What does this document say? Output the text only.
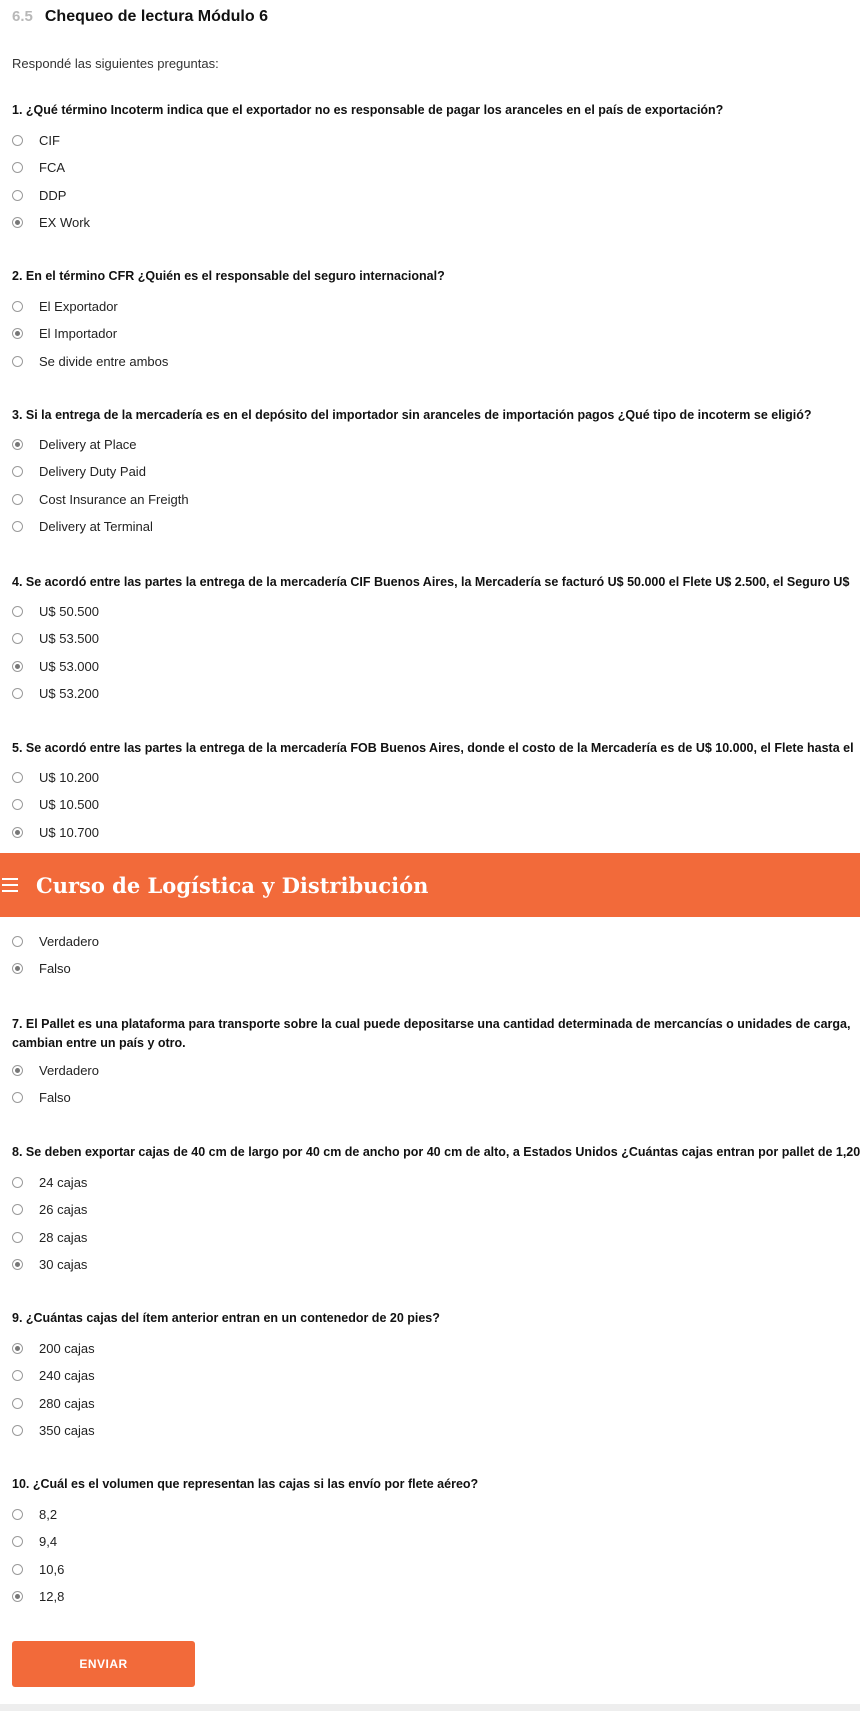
6.5 Chequeo de lectura Módulo 6
Respondé las siguientes preguntas:
1. ¿Qué término Incoterm indica que el exportador no es responsable de pagar los aranceles en el país de exportación?
CIF
FCA
DDP
EX Work
2. En el término CFR ¿Quién es el responsable del seguro internacional?
El Exportador
El Importador
Se divide entre ambos
3. Si la entrega de la mercadería es en el depósito del importador sin aranceles de importación pagos ¿Qué tipo de incoterm se eligió?
Delivery at Place
Delivery Duty Paid
Cost Insurance an Freigth
Delivery at Terminal
4. Se acordó entre las partes la entrega de la mercadería CIF Buenos Aires, la Mercadería se facturó U$ 50.000 el Flete U$ 2.500, el Seguro U$
U$ 50.500
U$ 53.500
U$ 53.000
U$ 53.200
5. Se acordó entre las partes la entrega de la mercadería FOB Buenos Aires, donde el costo de la Mercadería es de U$ 10.000, el Flete hasta el
U$ 10.200
U$ 10.500
U$ 10.700
Verdadero
Falso
7. El Pallet es una plataforma para transporte sobre la cual puede depositarse una cantidad determinada de mercancías o unidades de carga,
cambian entre un país y otro.
Verdadero
Falso
8. Se deben exportar cajas de 40 cm de largo por 40 cm de ancho por 40 cm de alto, a Estados Unidos ¿Cuántas cajas entran por pallet de 1,20
24 cajas
26 cajas
28 cajas
30 cajas
9. ¿Cuántas cajas del ítem anterior entran en un contenedor de 20 pies?
200 cajas
240 cajas
280 cajas
350 cajas
10. ¿Cuál es el volumen que representan las cajas si las envío por flete aéreo?
8,2
9,4
10,6
12,8
Curso de Logística y Distribución
ENVIAR
